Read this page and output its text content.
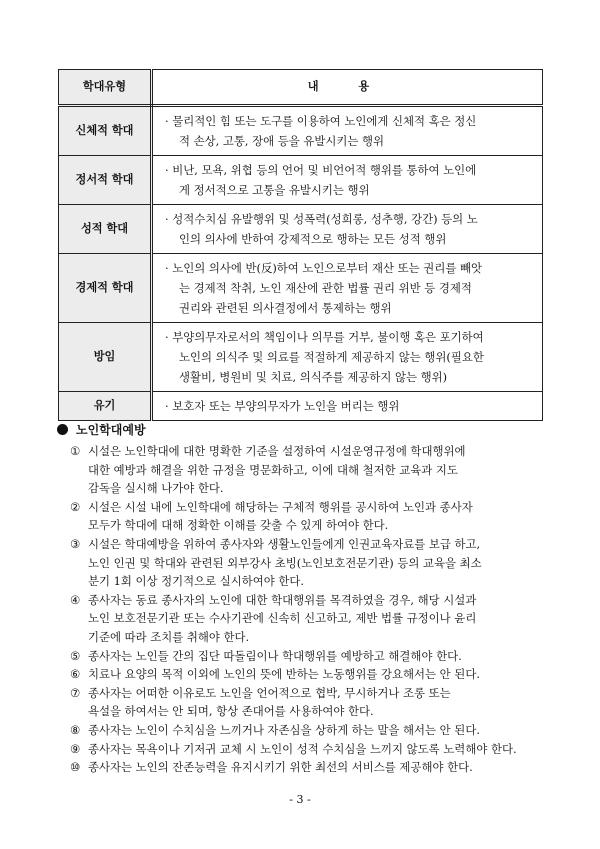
학대유형	내 용
신체적 학대	· 물리적인 힘 또는 도구를 이용하여 노인에게 신체적 혹은 정신
적 손상, 고통, 장애 등을 유발시키는 행위

정서적 학대	· 비난, 모욕, 위협 등의 언어 및 비언어적 행위를 통하여 노인에
게 정서적으로 고통을 유발시키는 행위

성적 학대	· 성적수치심 유발행위 및 성폭력(성희롱, 성추행, 강간) 등의 노
인의 의사에 반하여 강제적으로 행하는 모든 성적 행위

경제적 학대	· 노인의 의사에 반(反)하여 노인으로부터 재산 또는 권리를 빼앗
는 경제적 착취, 노인 재산에 관한 법률 권리 위반 등 경제적
권리와 관련된 의사결정에서 통제하는 행위

방임	· 부양의무자로서의 책임이나 의무를 거부, 불이행 혹은 포기하여
노인의 의식주 및 의료를 적절하게 제공하지 않는 행위(필요한
생활비, 병원비 및 치료, 의식주를 제공하지 않는 행위)

유기	· 보호자 또는 부양의무자가 노인을 버리는 행위
노인학대예방
① 시설은 노인학대에 대한 명확한 기준을 설정하여 시설운영규정에 학대행위에
대한 예방과 해결을 위한 규정을 명문화하고, 이에 대해 철저한 교육과 지도
감독을 실시해 나가야 한다.
② 시설은 시설 내에 노인학대에 해당하는 구체적 행위를 공시하여 노인과 종사자
모두가 학대에 대해 정확한 이해를 갖출 수 있게 하여야 한다.
③ 시설은 학대예방을 위하여 종사자와 생활노인들에게 인권교육자료를 보급 하고,
노인 인권 및 학대와 관련된 외부강사 초빙(노인보호전문기관) 등의 교육을 최소
분기 1회 이상 정기적으로 실시하여야 한다.
④ 종사자는 동료 종사자의 노인에 대한 학대행위를 목격하였을 경우, 해당 시설과
노인 보호전문기관 또는 수사기관에 신속히 신고하고, 제반 법률 규정이나 윤리
기준에 따라 조치를 취해야 한다.
⑤ 종사자는 노인들 간의 집단 따돌림이나 학대행위를 예방하고 해결해야 한다.
⑥ 치료나 요양의 목적 이외에 노인의 뜻에 반하는 노동행위를 강요해서는 안 된다.
⑦ 종사자는 어떠한 이유로도 노인을 언어적으로 협박, 무시하거나 조롱 또는
욕설을 하여서는 안 되며, 항상 존대어를 사용하여야 한다.
⑧ 종사자는 노인이 수치심을 느끼거나 자존심을 상하게 하는 말을 해서는 안 된다.
⑨ 종사자는 목욕이나 기저귀 교체 시 노인이 성적 수치심을 느끼지 않도록 노력해야 한다.
⑩ 종사자는 노인의 잔존능력을 유지시키기 위한 최선의 서비스를 제공해야 한다.
- 3 -
